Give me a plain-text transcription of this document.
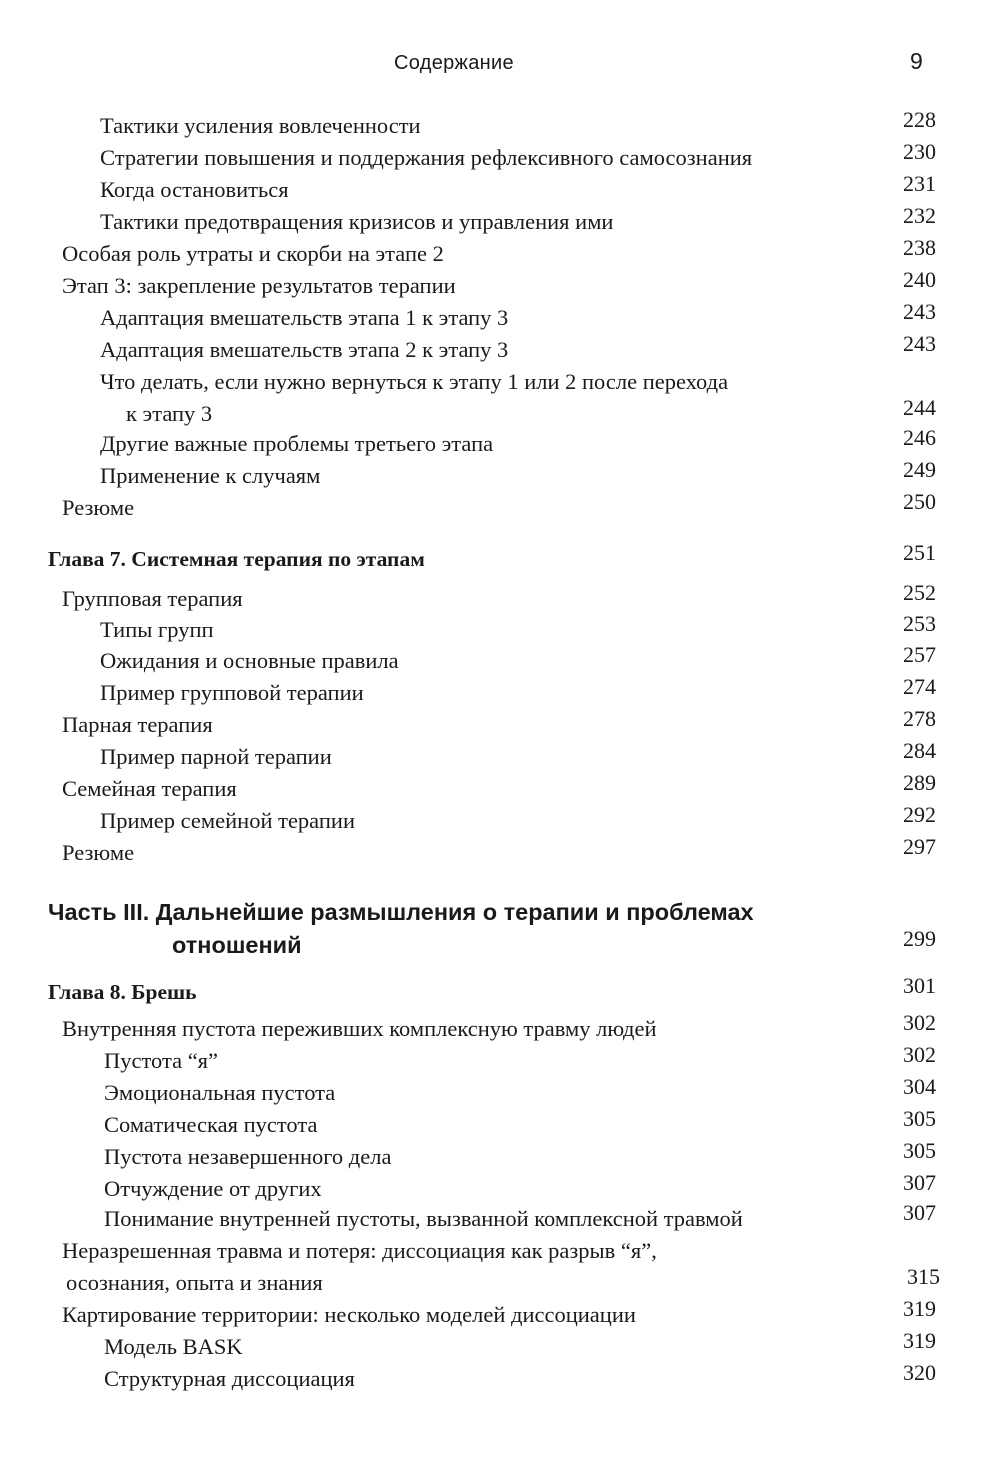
Содержание	9
Тактики усиления вовлеченности	228
Стратегии повышения и поддержания рефлексивного самосознания	230
Когда остановиться	231
Тактики предотвращения кризисов и управления ими	232
Особая роль утраты и скорби на этапе 2	238
Этап 3: закрепление результатов терапии	240
Адаптация вмешательств этапа 1 к этапу 3	243
Адаптация вмешательств этапа 2 к этапу 3	243
Что делать, если нужно вернуться к этапу 1 или 2 после перехода
к этапу 3	244
Другие важные проблемы третьего этапа	246
Применение к случаям	249
Резюме	250
Глава 7. Системная терапия по этапам	251
Групповая терапия	252
Типы групп	253
Ожидания и основные правила	257
Пример групповой терапии	274
Парная терапия	278
Пример парной терапии	284
Семейная терапия	289
Пример семейной терапии	292
Резюме	297
Часть III. Дальнейшие размышления о терапии и проблемах
отношений	299
Глава 8. Брешь	301
Внутренняя пустота переживших комплексную травму людей	302
Пустота “я”	302
Эмоциональная пустота	304
Соматическая пустота	305
Пустота незавершенного дела	305
Отчуждение от других	307
Понимание внутренней пустоты, вызванной комплексной травмой	307
Неразрешенная травма и потеря: диссоциация как разрыв “я”,
осознания, опыта и знания	315
Картирование территории: несколько моделей диссоциации	319
Модель BASK	319
Структурная диссоциация	320
